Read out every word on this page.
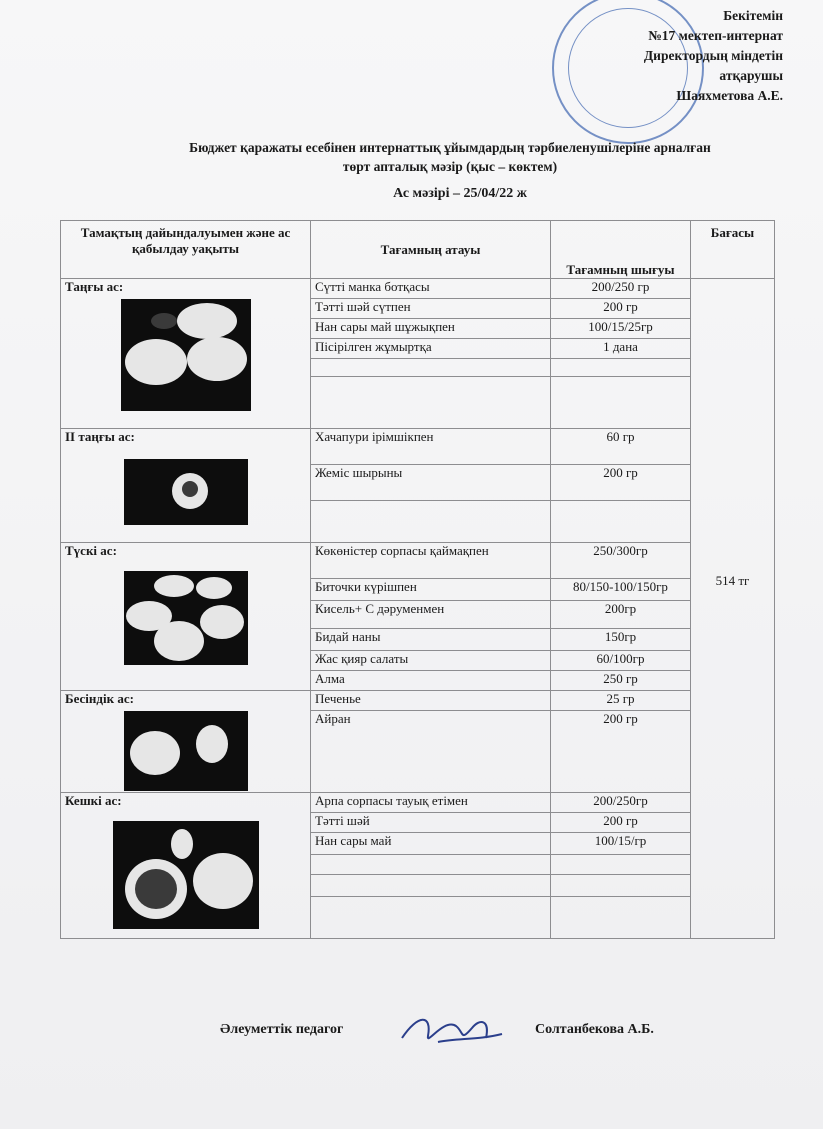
Бекітемін
№17 мектеп-интернат
Директордың міндетін
атқарушы
Шаяхметова А.Е.
Бюджет қаражаты есебінен интернаттық ұйымдардың тәрбиеленушілеріне арналған
төрт апталық мәзір (қыс – көктем)
Ас мәзірі – 25/04/22 ж
Тамақтың дайындалуымен және ас қабылдау уақыты	Тағамның атауы	Тағамның шығуы	Бағасы

Таңғы ас:	Сүтті манка ботқасы	200/250 гр	514 тг

	Тәтті шәй сүтпен	200 гр	
	Нан сары май шұжықпен	100/15/25гр	
	Пісірілген жұмыртқа	1 дана	

ІІ таңғы ас:	Хачапури ірімшікпен	60 гр	
	Жеміс шырыны	200 гр	

Түскі ас:	Көкөністер сорпасы қаймақпен	250/300гр	
	Биточки күрішпен	80/150-100/150гр	
	Кисель+ С дәруменмен	200гр	
	Бидай наны	150гр	
	Жас қияр салаты	60/100гр	
	Алма	250 гр	

Бесіндік ас:	Печенье	25 гр	
	Айран	200 гр	

Кешкі ас:	Арпа сорпасы тауық етімен	200/250гр	
	Тәтті шәй	200 гр	
	Нан сары май	100/15/гр	

Әлеуметтік педагог	Солтанбекова А.Б.
